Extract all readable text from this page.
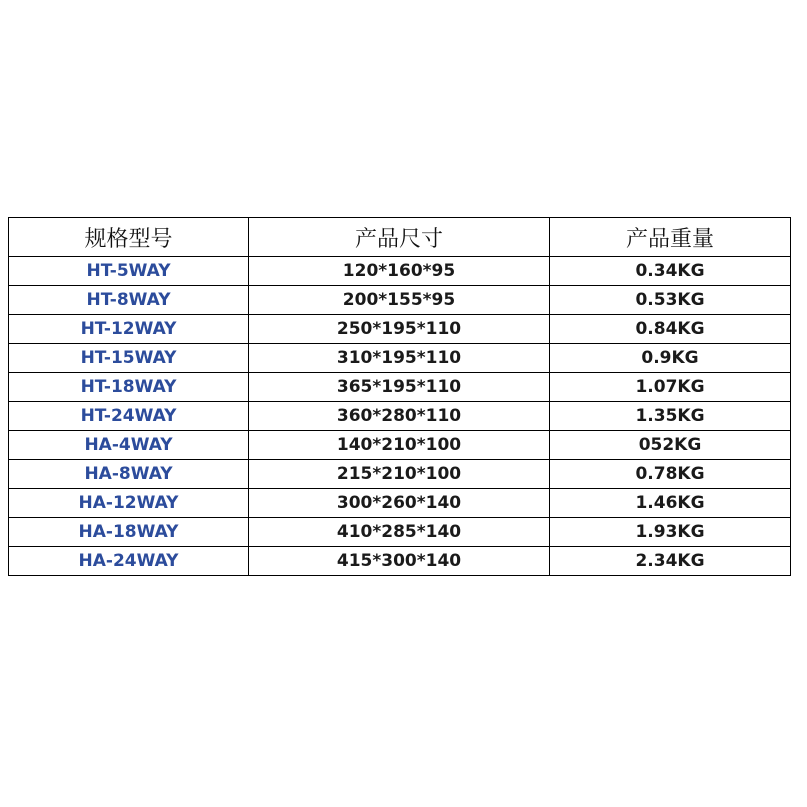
规格型号	产品尺寸	产品重量
HT-5WAY	120*160*95	0.34KG
HT-8WAY	200*155*95	0.53KG
HT-12WAY	250*195*110	0.84KG
HT-15WAY	310*195*110	0.9KG
HT-18WAY	365*195*110	1.07KG
HT-24WAY	360*280*110	1.35KG
HA-4WAY	140*210*100	052KG
HA-8WAY	215*210*100	0.78KG
HA-12WAY	300*260*140	1.46KG
HA-18WAY	410*285*140	1.93KG
HA-24WAY	415*300*140	2.34KG
